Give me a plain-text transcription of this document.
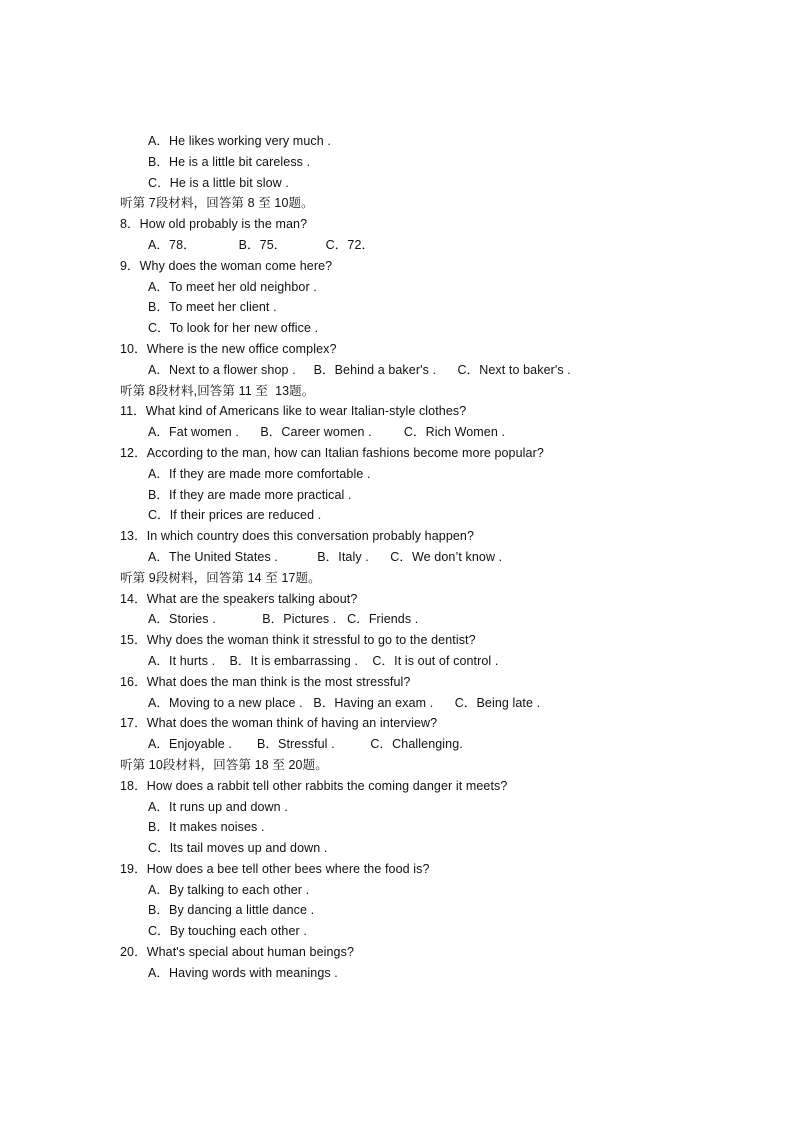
A．He likes working very much .
B．He is a little bit careless .
C．He is a little bit slow .
听第 7段材料，回答第 8 至 10题。
8．How old probably is the man?
A．78．            B．75．           C．72．
9．Why does the woman come here?
A．To meet her old neighbor .
B．To meet her client .
C．To look for her new office .
10．Where is the new office complex?
A．Next to a flower shop .     B．Behind a baker's .      C．Next to baker's .
听第 8段材料,回答第 11 至  13题。
11．What kind of Americans like to wear Italian-style clothes?
A．Fat women .      B．Career women .         C．Rich Women .
12．According to the man, how can Italian fashions become more popular?
A．If they are made more comfortable .
B．If they are made more practical .
C．If their prices are reduced .
13．In which country does this conversation probably happen?
A．The United States .           B．Italy .      C．We don’t know .
听第 9段树料，回答第 14 至 17题。
14．What are the speakers talking about?
A．Stories .             B．Pictures .   C．Friends .
15．Why does the woman think it stressful to go to the dentist?
A．It hurts .    B．It is embarrassing .    C．It is out of control .
16．What does the man think is the most stressful?
A．Moving to a new place .   B．Having an exam .      C．Being late .
17．What does the woman think of having an interview?
A．Enjoyable .       B．Stressful .          C．Challenging.
听第 10段材料，回答第 18 至 20题。
18．How does a rabbit tell other rabbits the coming danger it meets?
A．It runs up and down .
B．It makes noises .
C．Its tail moves up and down .
19．How does a bee tell other bees where the food is?
A．By talking to each other .
B．By dancing a little dance .
C．By touching each other .
20．What's special about human beings?
A．Having words with meanings .
